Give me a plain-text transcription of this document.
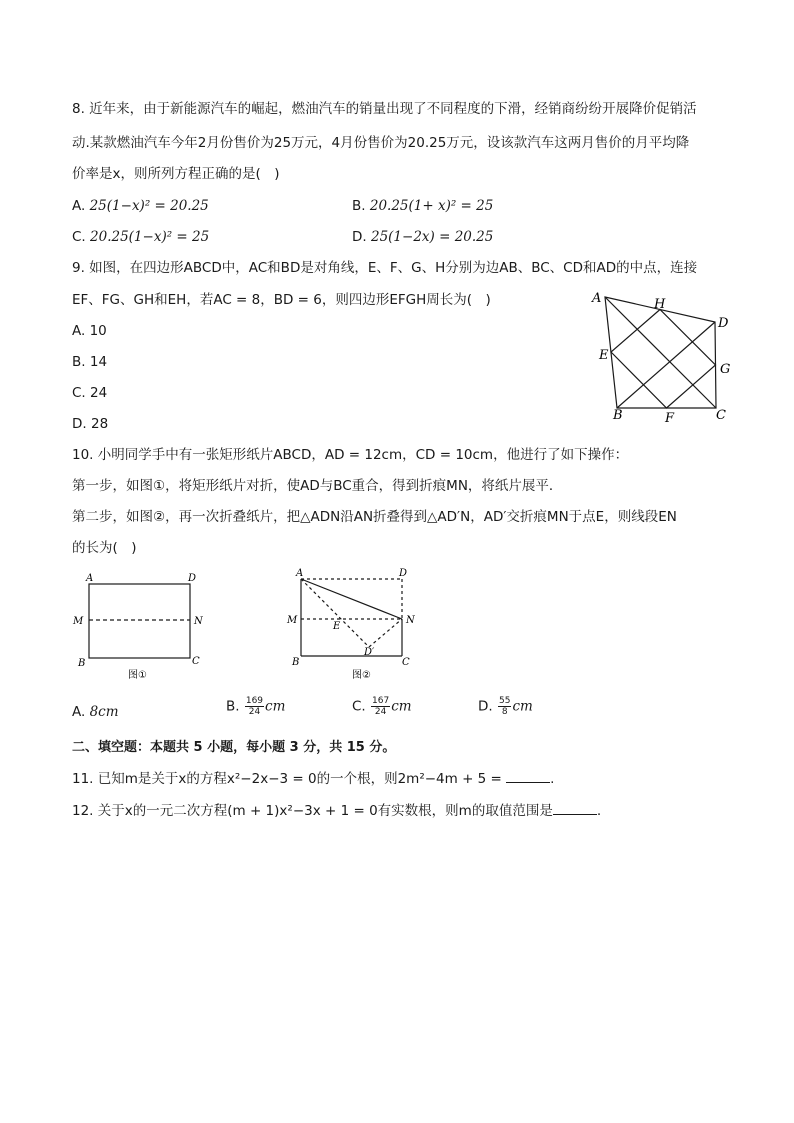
8. 近年来，由于新能源汽车的崛起，燃油汽车的销量出现了不同程度的下滑，经销商纷纷开展降价促销活
动.某款燃油汽车今年2月份售价为25万元，4月份售价为20.25万元，设该款汽车这两月售价的月平均降
价率是x，则所列方程正确的是(　)
A. 25(1−x)² = 20.25	B. 20.25(1+ x)² = 25
C. 20.25(1−x)² = 25	D. 25(1−2x) = 20.25
9. 如图，在四边形ABCD中，AC和BD是对角线，E、F、G、H分别为边AB、BC、CD和AD的中点，连接
EF、FG、GH和EH，若AC = 8，BD = 6，则四边形EFGH周长为(　)
A. 10
B. 14
C. 24
D. 28
A	H
D
E
G
B	F	C
10. 小明同学手中有一张矩形纸片ABCD，AD = 12cm，CD = 10cm，他进行了如下操作：
第一步，如图①，将矩形纸片对折，使AD与BC重合，得到折痕MN，将纸片展平．
第二步，如图②，再一次折叠纸片，把△ADN沿AN折叠得到△AD′N，AD′交折痕MN于点E，则线段EN
的长为(　)
A	D
M	N
B	C
图①
A	D
M	N
E
D′
B	C
图②
A. 8cm	B. $\frac{169}{24}$ cm	C. $\frac{167}{24}$ cm	D. $\frac{55}{8}$ cm
二、填空题：本题共 5 小题，每小题 3 分，共 15 分。
11. 已知m是关于x的方程x²−2x−3 = 0的一个根，则2m²−4m + 5 =	.
12. 关于x的一元二次方程(m + 1)x²−3x + 1 = 0有实数根，则m的取值范围是	.
